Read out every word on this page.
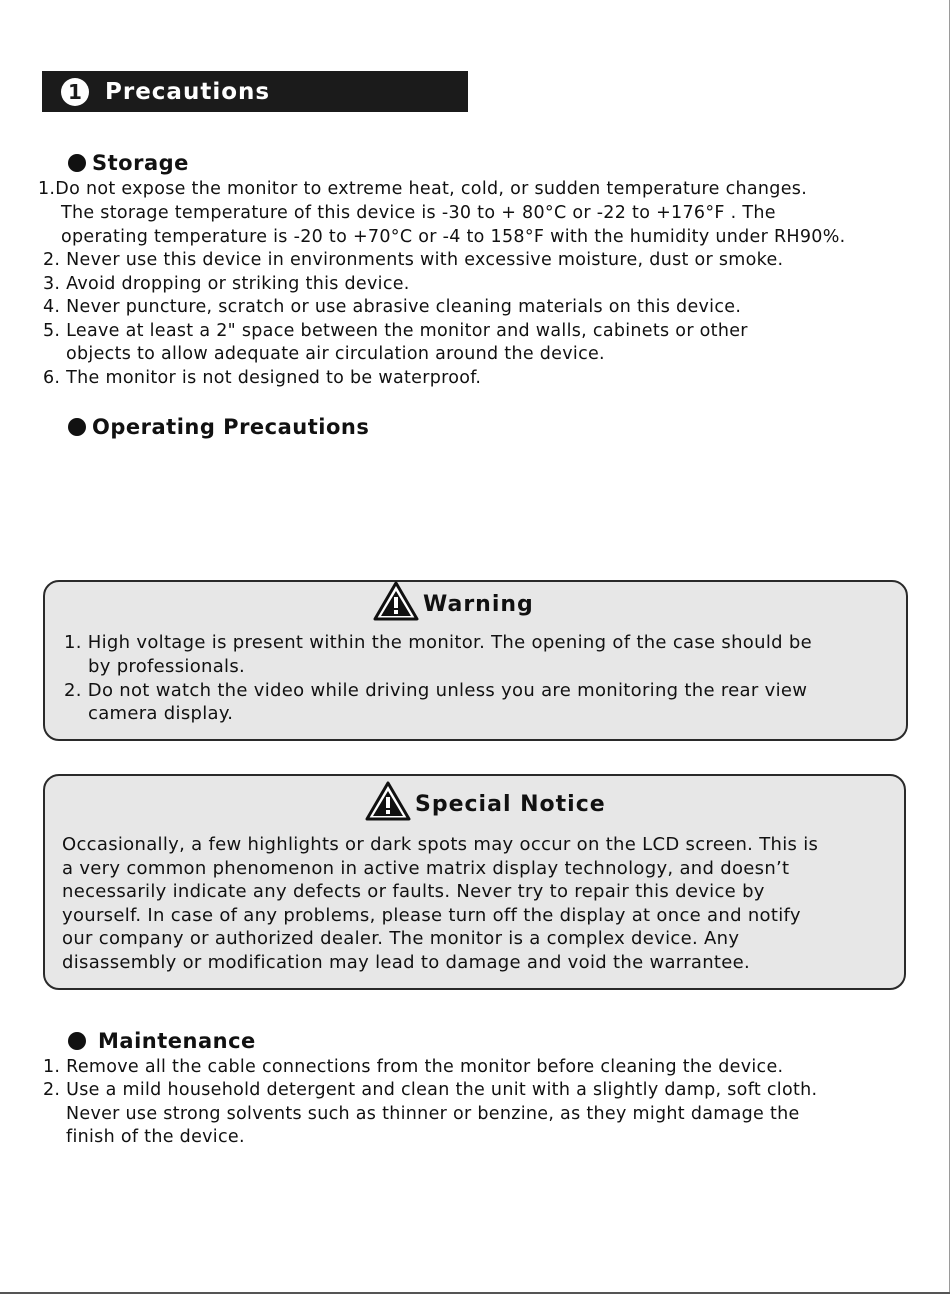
1	Precautions
Storage
1.Do not expose the monitor to extreme heat, cold, or sudden temperature changes.
The storage temperature of this device is -30 to + 80°C or -22 to +176°F . The
operating temperature is -20 to +70°C or -4 to 158°F with the humidity under RH90%.
2. Never use this device in environments with excessive moisture, dust or smoke.
3. Avoid dropping or striking this device.
4. Never puncture, scratch or use abrasive cleaning materials on this device.
5. Leave at least a 2" space between the monitor and walls, cabinets or other
objects to allow adequate air circulation around the device.
6. The monitor is not designed to be waterproof.
Operating Precautions
Warning
1. High voltage is present within the monitor. The opening of the case should be
by professionals.
2. Do not watch the video while driving unless you are monitoring the rear view
camera display.
Special Notice
Occasionally, a few highlights or dark spots may occur on the LCD screen. This is
a very common phenomenon in active matrix display technology, and doesn’t
necessarily indicate any defects or faults. Never try to repair this device by
yourself. In case of any problems, please turn off the display at once and notify
our company or authorized dealer. The monitor is a complex device. Any
disassembly or modification may lead to damage and void the warrantee.
Maintenance
1. Remove all the cable connections from the monitor before cleaning the device.
2. Use a mild household detergent and clean the unit with a slightly damp, soft cloth.
Never use strong solvents such as thinner or benzine, as they might damage the
finish of the device.
